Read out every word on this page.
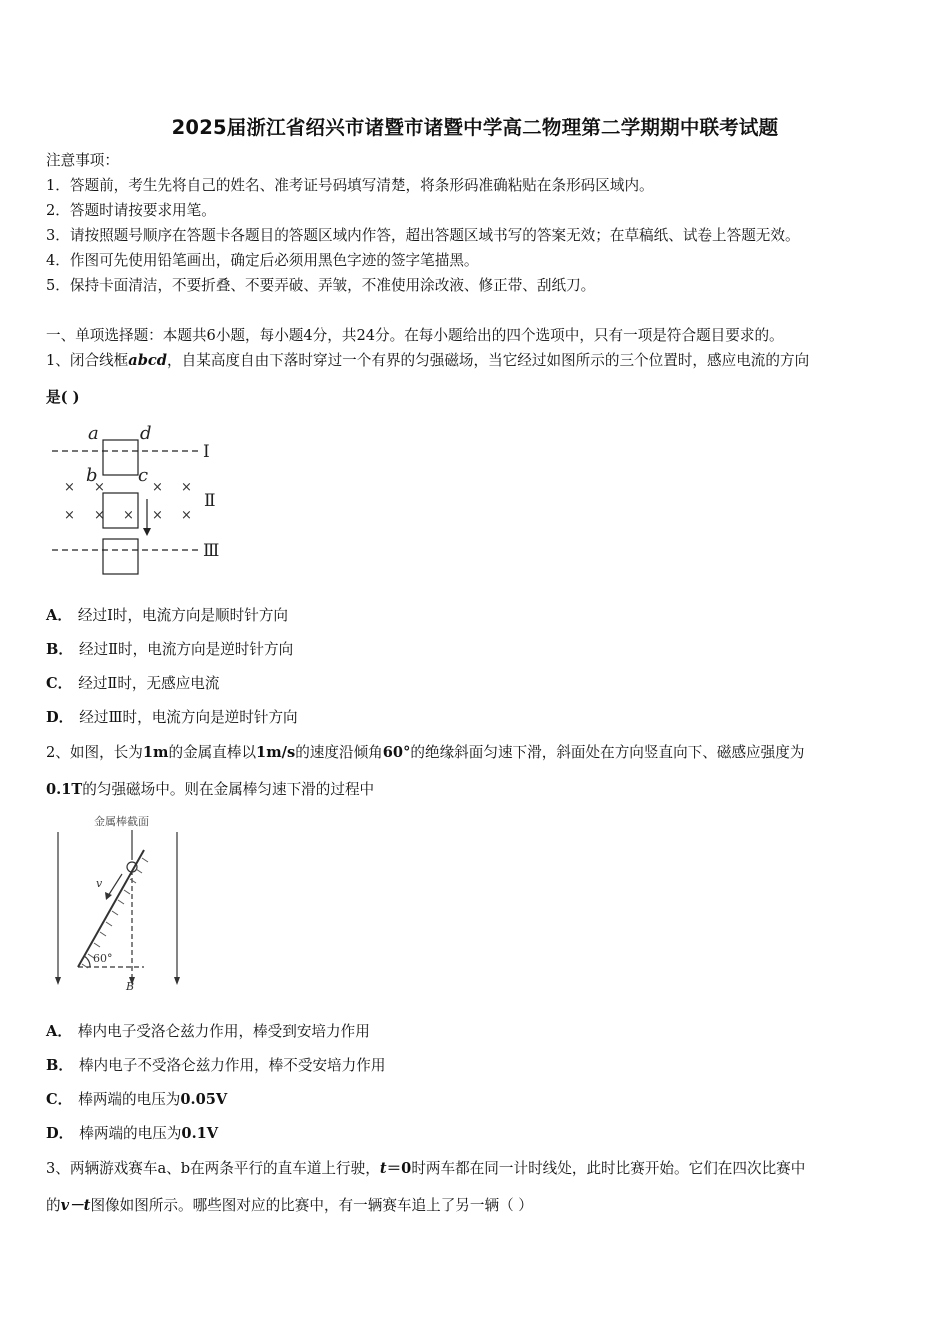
2025届浙江省绍兴市诸暨市诸暨中学高二物理第二学期期中联考试题
注意事项：
1．答题前，考生先将自己的姓名、准考证号码填写清楚，将条形码准确粘贴在条形码区域内。
2．答题时请按要求用笔。
3．请按照题号顺序在答题卡各题目的答题区域内作答，超出答题区域书写的答案无效；在草稿纸、试卷上答题无效。
4．作图可先使用铅笔画出，确定后必须用黑色字迹的签字笔描黑。
5．保持卡面清洁，不要折叠、不要弄破、弄皱，不准使用涂改液、修正带、刮纸刀。
一、单项选择题：本题共6小题，每小题4分，共24分。在每小题给出的四个选项中，只有一项是符合题目要求的。
1、闭合线框abcd，自某高度自由下落时穿过一个有界的匀强磁场，当它经过如图所示的三个位置时，感应电流的方向
是( )
a d
b c
Ⅰ
Ⅱ
Ⅲ
× ×	× ×
× × × × ×
A． 经过Ⅰ时，电流方向是顺时针方向
B． 经过Ⅱ时，电流方向是逆时针方向
C． 经过Ⅱ时，无感应电流
D． 经过Ⅲ时，电流方向是逆时针方向
2、如图，长为1m的金属直棒以1m/s的速度沿倾角60°的绝缘斜面匀速下滑，斜面处在方向竖直向下、磁感应强度为
0.1T的匀强磁场中。则在金属棒匀速下滑的过程中
金属棒截面
v
60°
B
A． 棒内电子受洛仑兹力作用，棒受到安培力作用
B． 棒内电子不受洛仑兹力作用，棒不受安培力作用
C． 棒两端的电压为0.05V
D． 棒两端的电压为0.1V
3、两辆游戏赛车a、b在两条平行的直车道上行驶，t＝0时两车都在同一计时线处，此时比赛开始。它们在四次比赛中
的v－t图像如图所示。哪些图对应的比赛中，有一辆赛车追上了另一辆（ ）
